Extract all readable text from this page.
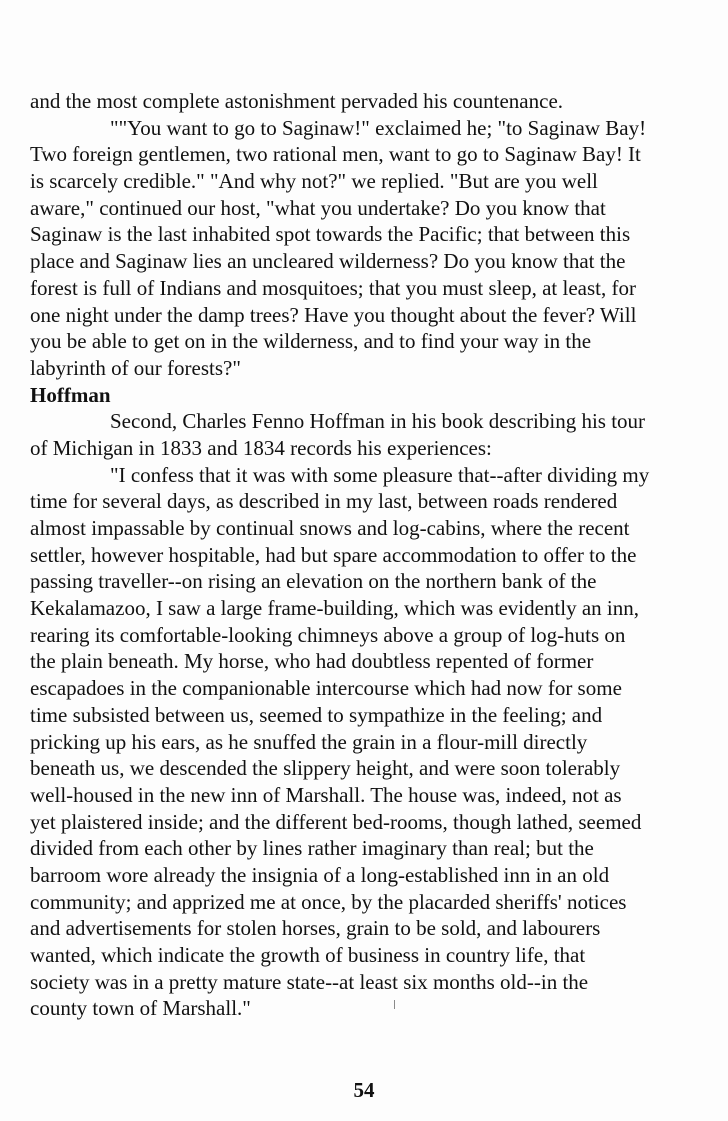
and the most complete astonishment pervaded his countenance.
""You want to go to Saginaw!" exclaimed he; "to Saginaw Bay!
Two foreign gentlemen, two rational men, want to go to Saginaw Bay! It
is scarcely credible." "And why not?" we replied. "But are you well
aware," continued our host, "what you undertake? Do you know that
Saginaw is the last inhabited spot towards the Pacific; that between this
place and Saginaw lies an uncleared wilderness? Do you know that the
forest is full of Indians and mosquitoes; that you must sleep, at least, for
one night under the damp trees? Have you thought about the fever? Will
you be able to get on in the wilderness, and to find your way in the
labyrinth of our forests?"
Hoffman
Second, Charles Fenno Hoffman in his book describing his tour
of Michigan in 1833 and 1834 records his experiences:
"I confess that it was with some pleasure that--after dividing my
time for several days, as described in my last, between roads rendered
almost impassable by continual snows and log-cabins, where the recent
settler, however hospitable, had but spare accommodation to offer to the
passing traveller--on rising an elevation on the northern bank of the
Kekalamazoo, I saw a large frame-building, which was evidently an inn,
rearing its comfortable-looking chimneys above a group of log-huts on
the plain beneath. My horse, who had doubtless repented of former
escapadoes in the companionable intercourse which had now for some
time subsisted between us, seemed to sympathize in the feeling; and
pricking up his ears, as he snuffed the grain in a flour-mill directly
beneath us, we descended the slippery height, and were soon tolerably
well-housed in the new inn of Marshall. The house was, indeed, not as
yet plaistered inside; and the different bed-rooms, though lathed, seemed
divided from each other by lines rather imaginary than real; but the
barroom wore already the insignia of a long-established inn in an old
community; and apprized me at once, by the placarded sheriffs' notices
and advertisements for stolen horses, grain to be sold, and labourers
wanted, which indicate the growth of business in country life, that
society was in a pretty mature state--at least six months old--in the
county town of Marshall."
54
